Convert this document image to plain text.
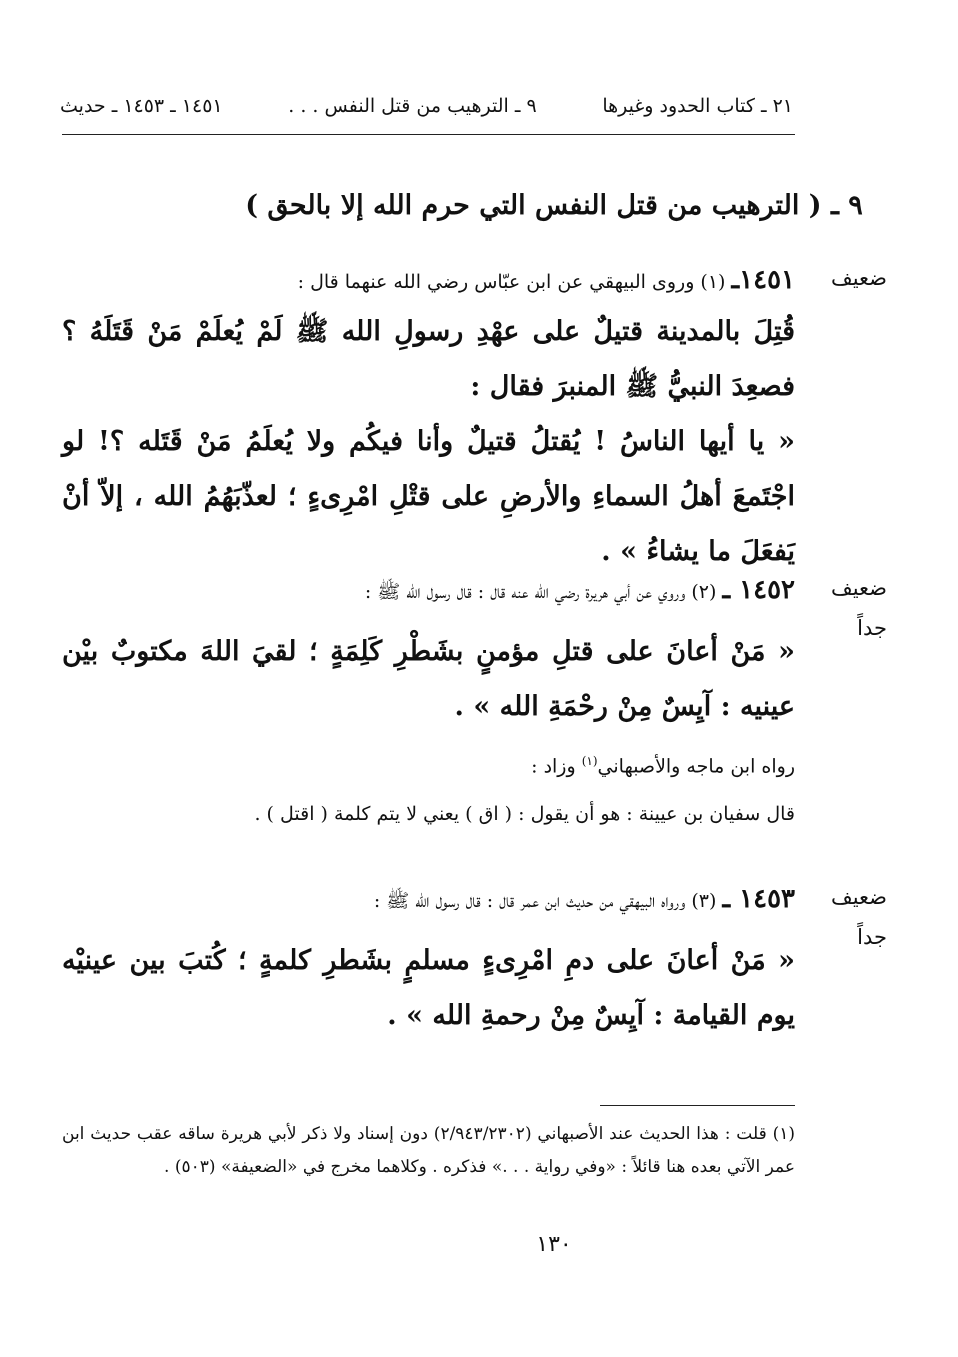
٢١ ـ كتاب الحدود وغيرها
٩ ـ الترهيب من قتل النفس . . .
١٤٥١ ـ ١٤٥٣ ـ حديث
٩ ـ ( الترهيب من قتل النفس التي حرم الله إلا بالحق )
ضعيف
١٤٥١ـ (١) وروى البيهقي عن ابن عبّاس رضي الله عنهما قال :

قُتِلَ بالمدينة قتيلٌ على عهْدِ رسولِ الله ﷺ لَمْ يُعلَمْ مَنْ قَتَلَهُ ؟ فصعِدَ النبيُّ ﷺ المنبرَ فقال :

« يا أيها الناسُ ! يُقتلُ قتيلٌ وأنا فيكُم ولا يُعلَمُ مَنْ قَتَله ؟! لو اجْتَمعَ أهلُ السماءِ والأرضِ على قتْلِ امْرِىءٍ ؛ لعذّبَهُمُ الله ، إلاّ أنْ يَفعَلَ ما يشاءُ » .

ضعيف
جداً
١٤٥٢ ـ (٢) وروي عن أبي هريرة رضي الله عنه قال : قال رسول الله ﷺ :

« مَنْ أعانَ على قتلِ مؤمنٍ بشَطْرِ كَلِمَةٍ ؛ لقيَ اللهَ مكتوبٌ بيْن عينيه : آيِسٌ مِنْ رحْمَةِ الله » .

رواه ابن ماجه والأصبهاني$^{(١)}$ وزاد :

قال سفيان بن عيينة : هو أن يقول : ( اق ) يعني لا يتم كلمة ( اقتل ) .

ضعيف
جداً
١٤٥٣ ـ (٣) ورواه البيهقي من حديث ابن عمر قال : قال رسول الله ﷺ :

« مَنْ أعانَ على دمِ امْرِىءٍ مسلمٍ بشَطرِ كلمةٍ ؛ كُتبَ بين عينيْه يوم القيامة : آيِسٌ مِنْ رحمةِ الله » .

(١) قلت : هذا الحديث عند الأصبهاني (٢/٩٤٣/٢٣٠٢) دون إسناد ولا ذكر لأبي هريرة ساقه عقب حديث ابن عمر الآتي بعده هنا قائلاً : «وفي رواية . . .» فذكره . وكلاهما مخرج في «الضعيفة» (٥٠٣) .
١٣٠
